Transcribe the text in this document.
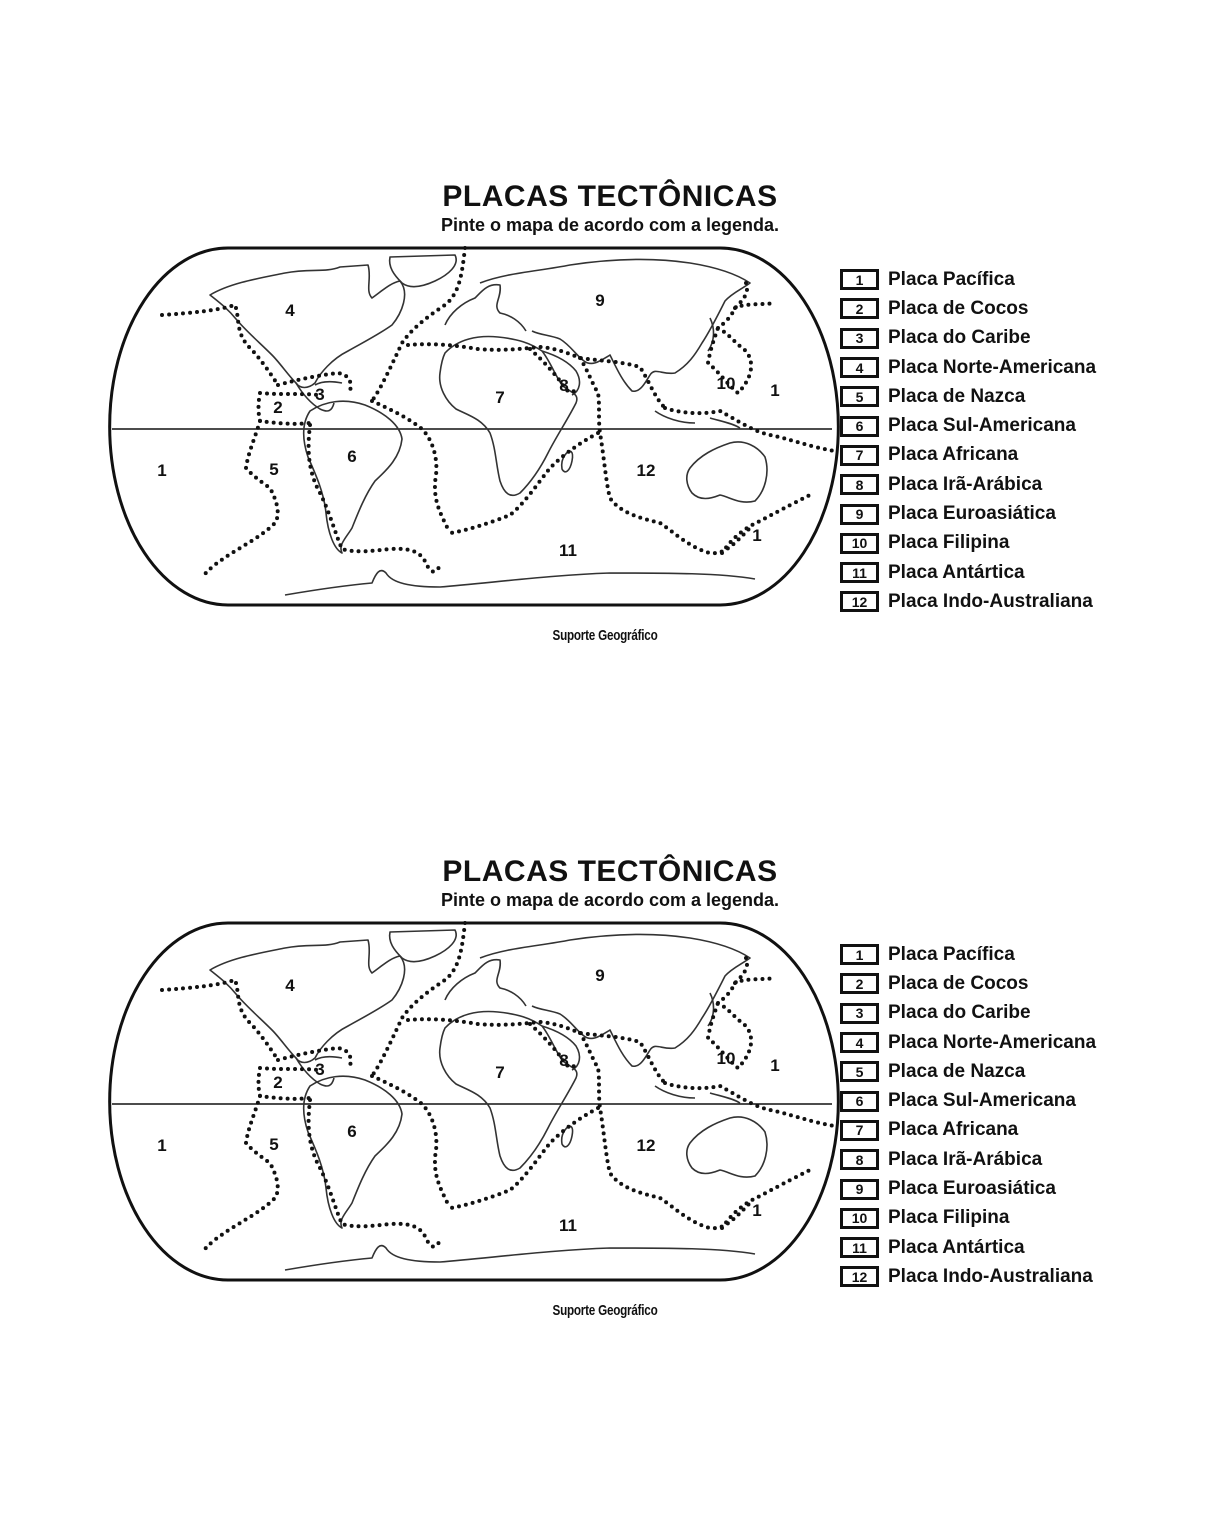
PLACAS TECTÔNICAS

Pinte o mapa de acordo com a legenda.

4
9
10 1
2
3	7
8
1	5
6
12
11
1
1	Placa Pacífica
2	Placa de Cocos
3	Placa do Caribe
4	Placa Norte-Americana
5	Placa de Nazca
6	Placa Sul-Americana
7	Placa Africana
8	Placa Irã-Arábica
9	Placa Euroasiática
10	Placa Filipina
11	Placa Antártica
12	Placa Indo-Australiana

Suporte Geográfico

PLACAS TECTÔNICAS

Pinte o mapa de acordo com a legenda.

4
9
10 1
2
3	7
8
1	5
6
12
11
1
1	Placa Pacífica
2	Placa de Cocos
3	Placa do Caribe
4	Placa Norte-Americana
5	Placa de Nazca
6	Placa Sul-Americana
7	Placa Africana
8	Placa Irã-Arábica
9	Placa Euroasiática
10	Placa Filipina
11	Placa Antártica
12	Placa Indo-Australiana

Suporte Geográfico
